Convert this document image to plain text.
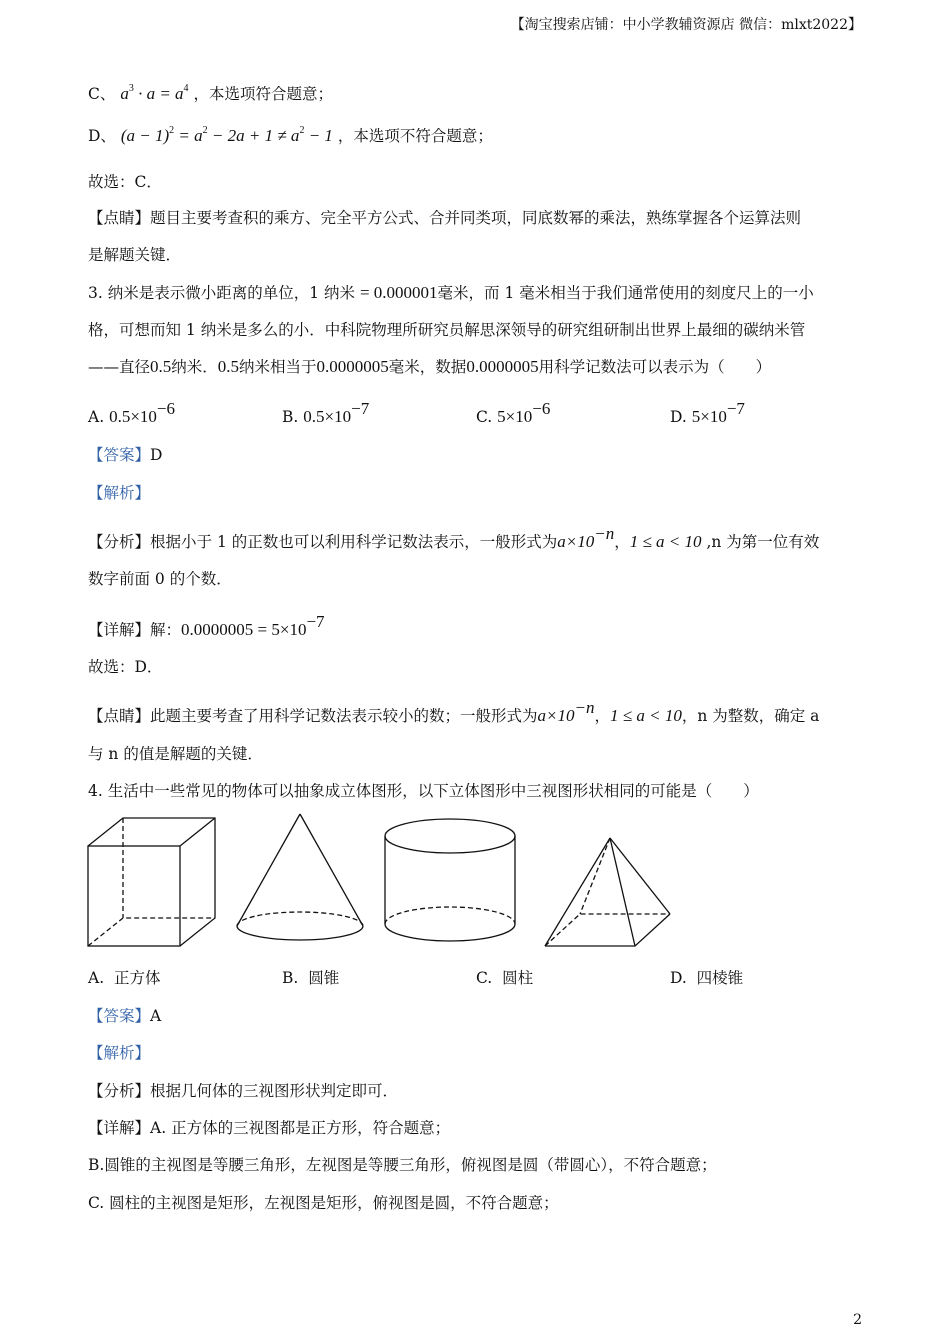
【淘宝搜索店铺：中小学教辅资源店 微信：mlxt2022】
C、 $a^3 \cdot a = a^4$ ，本选项符合题意；
D、 $(a - 1)^2 = a^2 - 2a + 1 \ne a^2 - 1$ ，本选项不符合题意；
故选：C．
【点睛】题目主要考查积的乘方、完全平方公式、合并同类项，同底数幂的乘法，熟练掌握各个运算法则
是解题关键．
3. 纳米是表示微小距离的单位，1 纳米 = 0.000001毫米，而 1 毫米相当于我们通常使用的刻度尺上的一小
格，可想而知 1 纳米是多么的小．中科院物理所研究员解思深领导的研究组研制出世界上最细的碳纳米管
——直径0.5纳米．0.5纳米相当于0.0000005毫米，数据0.0000005用科学记数法可以表示为（　　）
A. $0.5\times 10^{-6}$	B. $0.5\times 10^{-7}$	C. $5\times 10^{-6}$	D. $5\times 10^{-7}$
【答案】D
【解析】
【分析】根据小于 1 的正数也可以利用科学记数法表示，一般形式为$a\times 10^{-n}$，1 ≤ a < 10 ,n 为第一位有效
数字前面 0 的个数．
【详解】解：$0.0000005 = 5\times 10^{-7}$
故选：D．
【点睛】此题主要考查了用科学记数法表示较小的数；一般形式为$a\times 10^{-n}$，1 ≤ a < 10，n 为整数，确定 a
与 n 的值是解题的关键．
4. 生活中一些常见的物体可以抽象成立体图形，以下立体图形中三视图形状相同的可能是（　　）
A. 正方体	B. 圆锥	C. 圆柱	D. 四棱锥
【答案】A
【解析】
【分析】根据几何体的三视图形状判定即可．
【详解】A. 正方体的三视图都是正方形，符合题意；
B.圆锥的主视图是等腰三角形，左视图是等腰三角形，俯视图是圆（带圆心），不符合题意；
C. 圆柱的主视图是矩形，左视图是矩形，俯视图是圆，不符合题意；
2
